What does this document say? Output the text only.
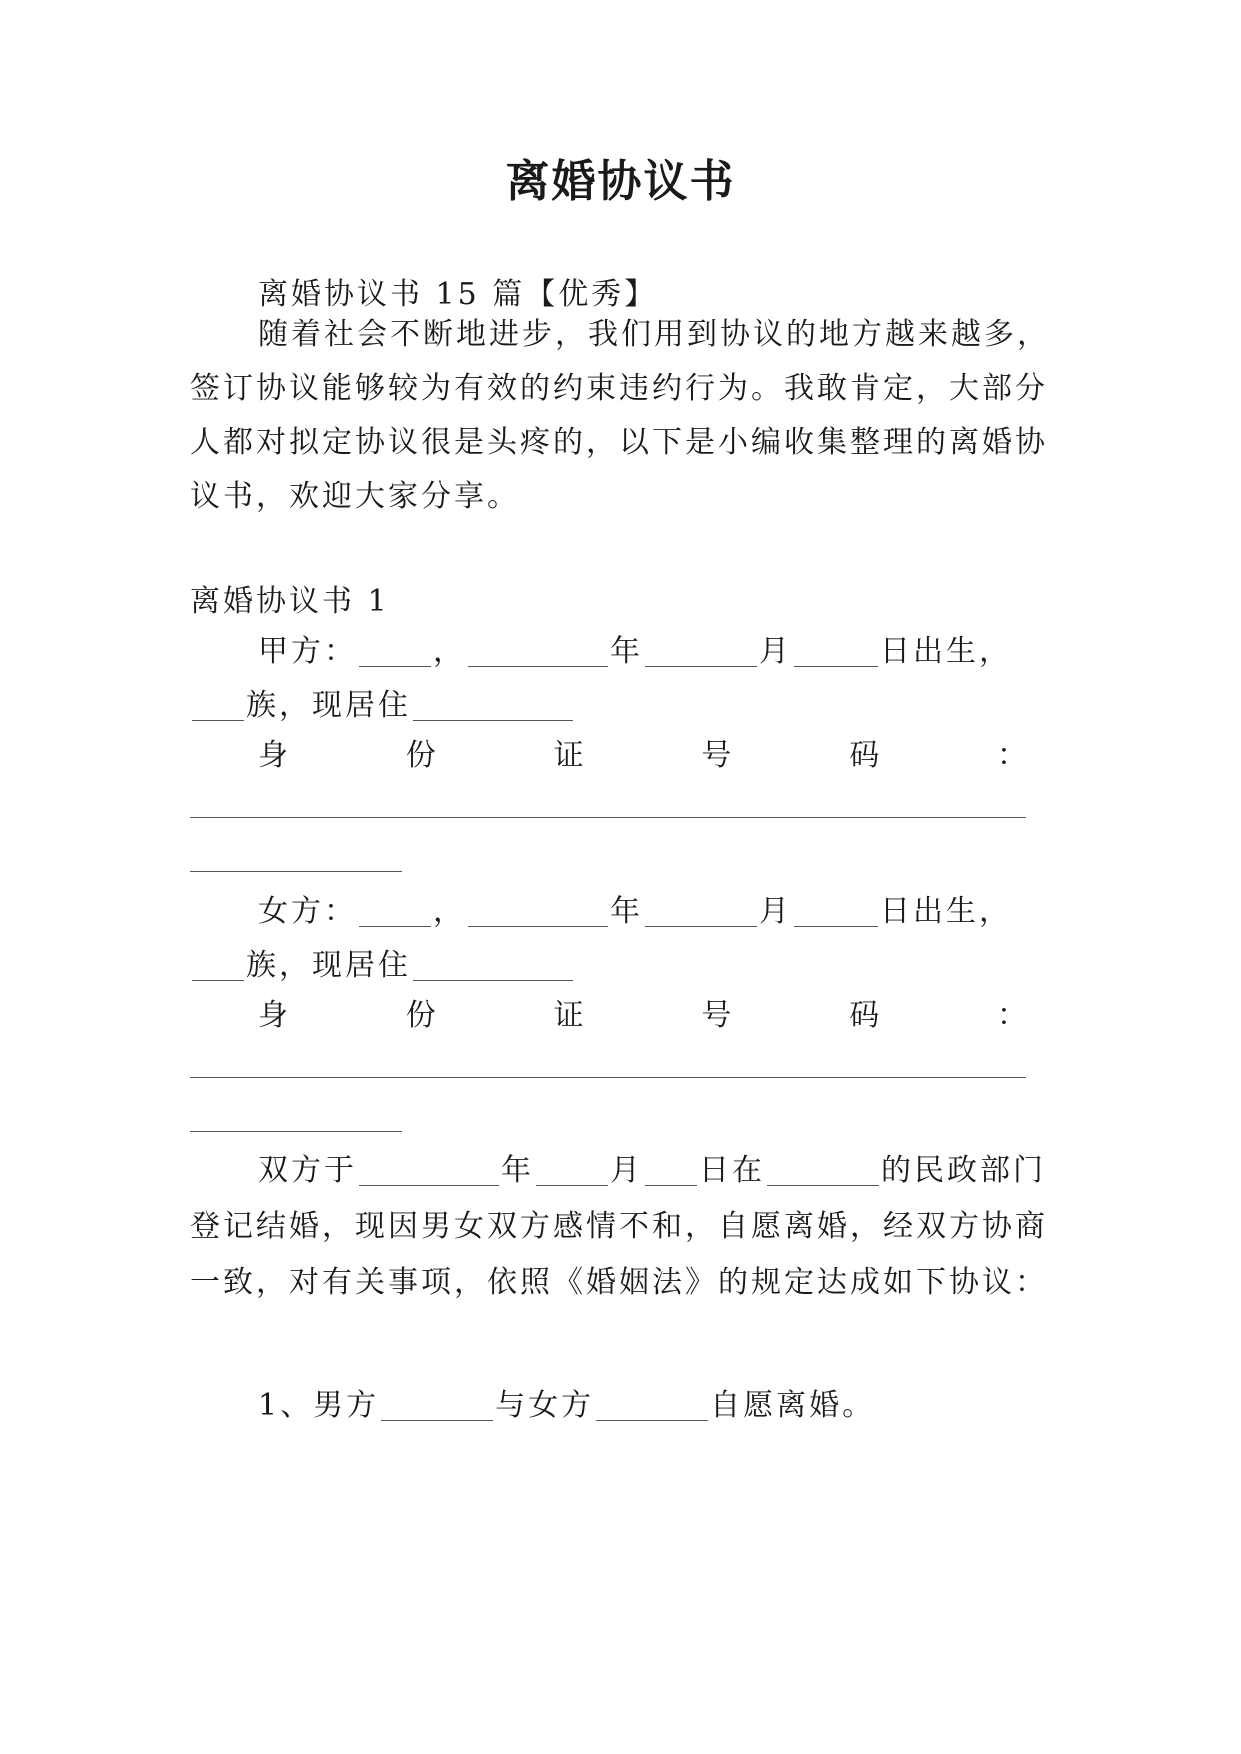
离婚协议书

离婚协议书 15 篇【优秀】

随着社会不断地进步，我们用到协议的地方越来越多，签订协议能够较为有效的约束违约行为。我敢肯定，大部分人都对拟定协议很是头疼的，以下是小编收集整理的离婚协议书，欢迎大家分享。

离婚协议书 1

甲方：	，	年	月	日出生，
族，现居住
身	份	证	号	码	：
女方：	，	年	月	日出生，
族，现居住
身	份	证	号	码	：
双方于	年	月 日在	的民政部门登记结婚，现因男女双方感情不和，自愿离婚，经双方协商一致，对有关事项，依照《婚姻法》的规定达成如下协议：
1、男方	与女方	自愿离婚。
